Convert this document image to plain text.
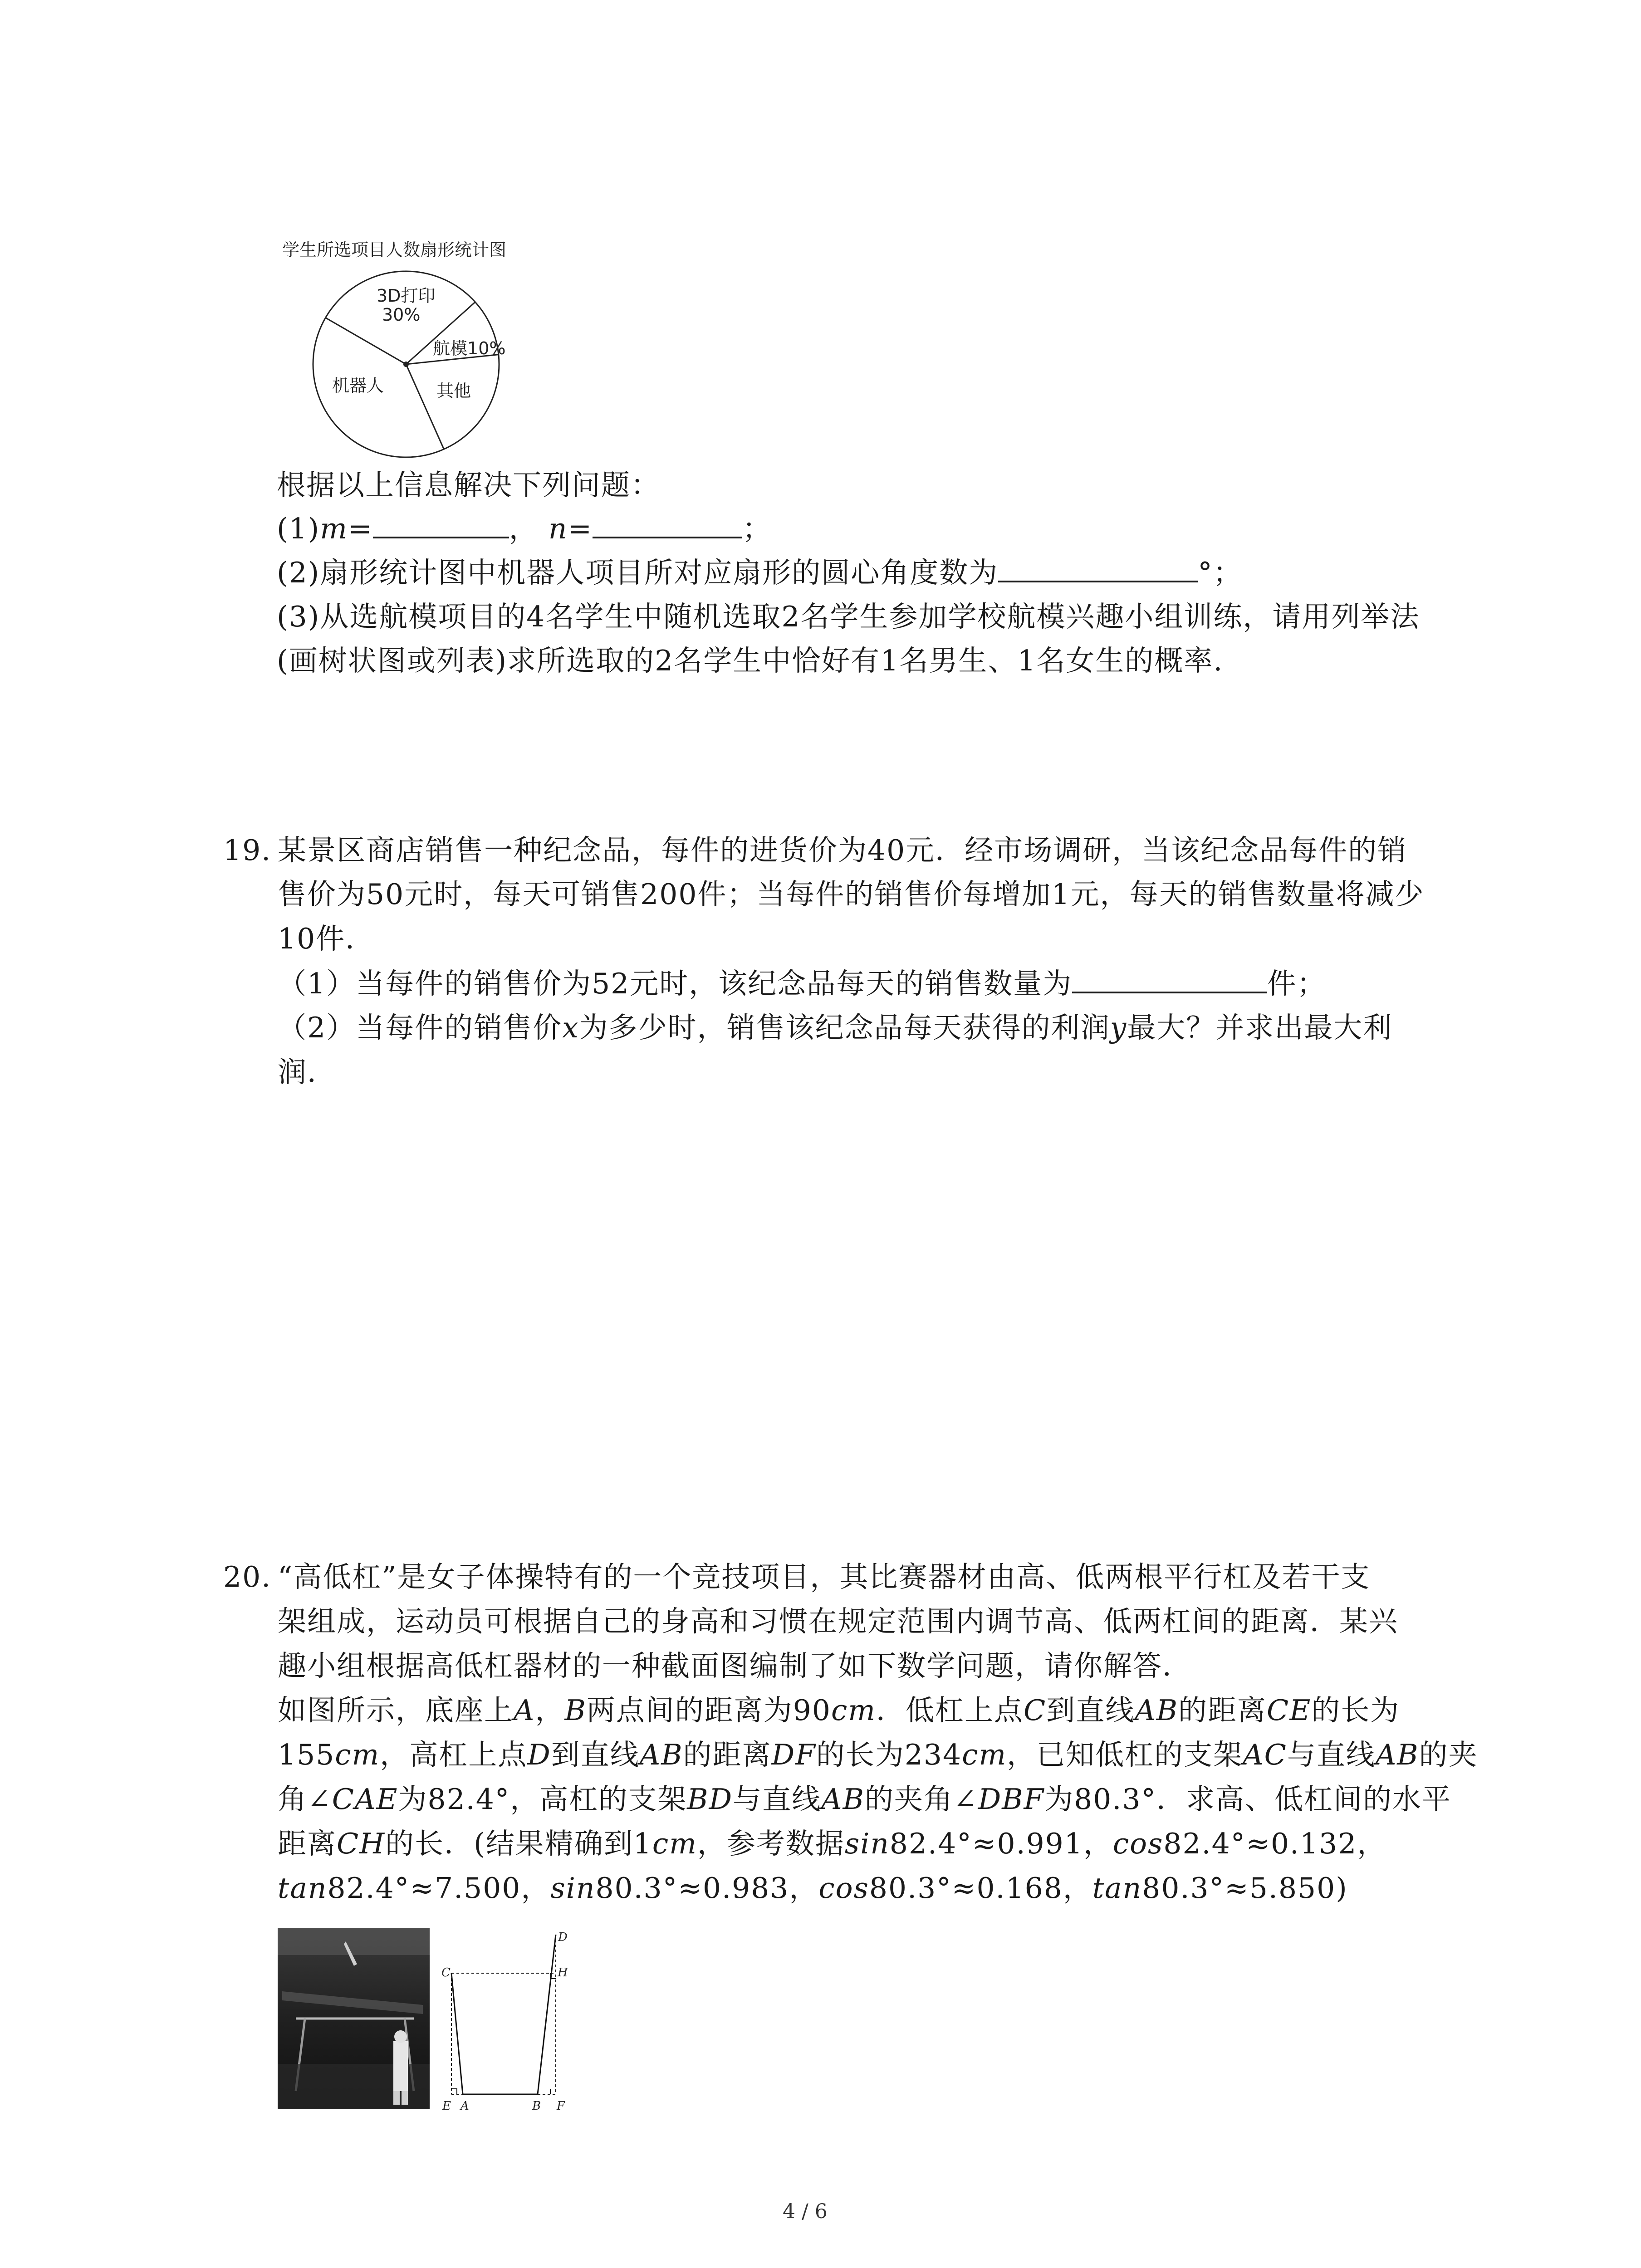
学生所选项目人数扇形统计图
3D打印
30%
航模10%
其他
机器人
根据以上信息解决下列问题：
(1)m=	， n=	；
(2)扇形统计图中机器人项目所对应扇形的圆心角度数为	°；
(3)从选航模项目的4名学生中随机选取2名学生参加学校航模兴趣小组训练，请用列举法
(画树状图或列表)求所选取的2名学生中恰好有1名男生、1名女生的概率.
19. 某景区商店销售一种纪念品，每件的进货价为40元．经市场调研，当该纪念品每件的销
售价为50元时，每天可销售200件；当每件的销售价每增加1元，每天的销售数量将减少
10件．
（1）当每件的销售价为52元时，该纪念品每天的销售数量为	件；
（2）当每件的销售价x为多少时，销售该纪念品每天获得的利润y最大？并求出最大利
润．
20. “高低杠”是女子体操特有的一个竞技项目，其比赛器材由高、低两根平行杠及若干支
架组成，运动员可根据自己的身高和习惯在规定范围内调节高、低两杠间的距离．某兴
趣小组根据高低杠器材的一种截面图编制了如下数学问题，请你解答．
如图所示，底座上A，B两点间的距离为90cm．低杠上点C到直线AB的距离CE的长为
155cm，高杠上点D到直线AB的距离DF的长为234cm，已知低杠的支架AC与直线AB的夹
角∠CAE为82.4°，高杠的支架BD与直线AB的夹角∠DBF为80.3°．求高、低杠间的水平
距离CH的长．(结果精确到1cm，参考数据sin82.4°≈0.991，cos82.4°≈0.132，
tan82.4°≈7.500，sin80.3°≈0.983，cos80.3°≈0.168，tan80.3°≈5.850)
D
C	H
E A	B F
4 / 6
